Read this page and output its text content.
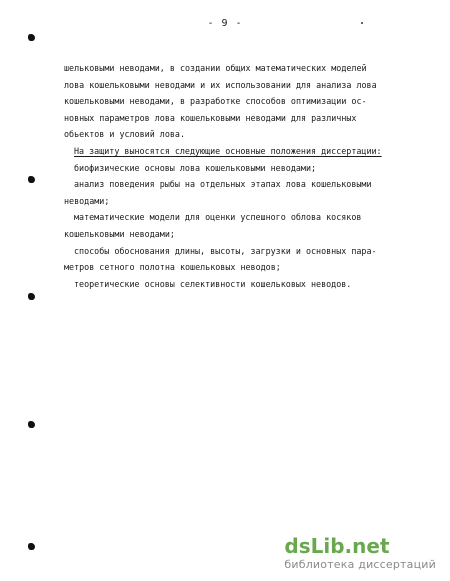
- 9 -
шельковыми неводами, в создании общих математических моделей
лова кошельковыми неводами и их использовании для анализа лова
кошельковыми неводами, в разработке способов оптимизации ос-
новных параметров лова кошельковыми неводами для различных
обьектов и условий лова.
На защиту выносятся следующие основные положения диссертации:
биофизические основы лова кошельковыми неводами;
анализ поведения рыбы на отдельных этапах лова кошельковыми
неводами;
математические модели для оценки успешного облова косяков
кошельковыми неводами;
способы обоснования длины, высоты, загрузки и основных пара-
метров сетного полотна кошельковых неводов;
теоретические основы селективности кошельковых неводов.
ds Lib . net
библиотека диссертаций
